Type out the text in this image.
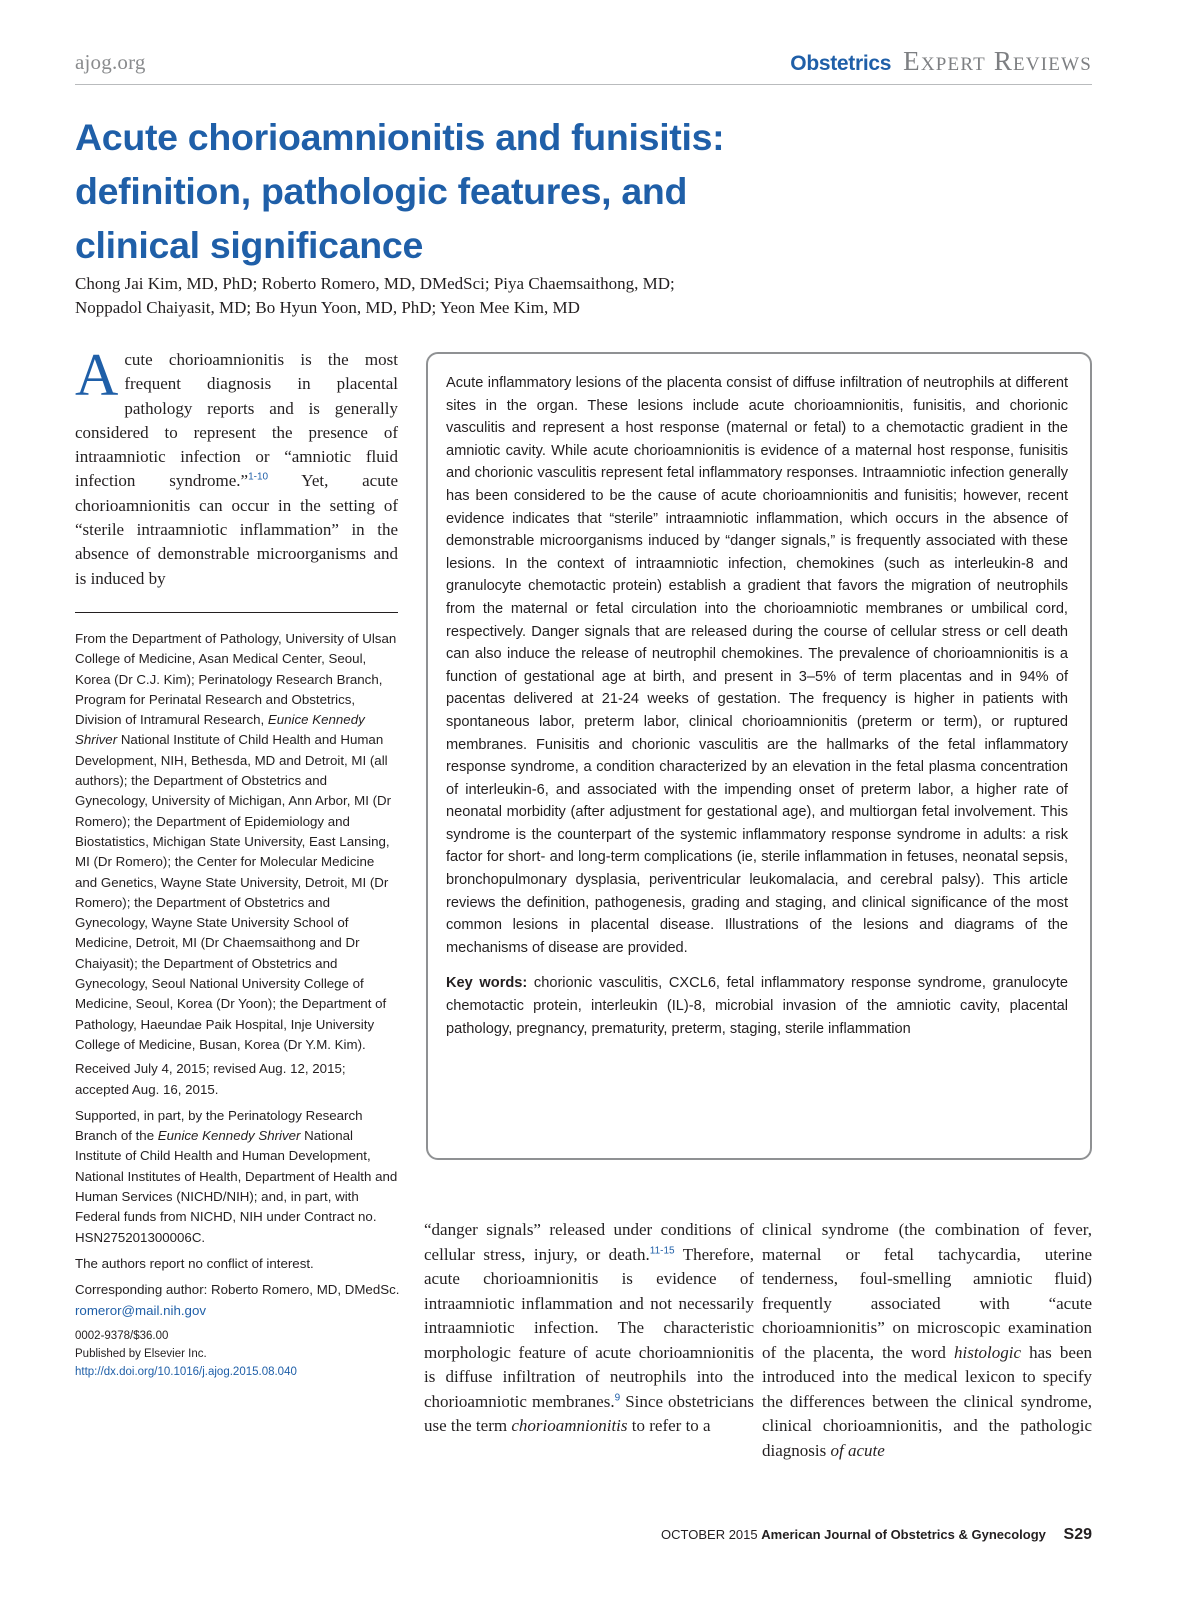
ajog.org	Obstetrics Expert Reviews
Acute chorioamnionitis and funisitis:
definition, pathologic features, and
clinical significance
Chong Jai Kim, MD, PhD; Roberto Romero, MD, DMedSci; Piya Chaemsaithong, MD;
Noppadol Chaiyasit, MD; Bo Hyun Yoon, MD, PhD; Yeon Mee Kim, MD
Acute chorioamnionitis is the most frequent diagnosis in placental pathology reports and is generally considered to represent the presence of intraamniotic infection or “amniotic fluid infection syndrome.”$^{1-10}$ Yet, acute chorioamnionitis can occur in the setting of “sterile intraamniotic inflammation” in the absence of demonstrable microorganisms and is induced by

From the Department of Pathology, University of Ulsan College of Medicine, Asan Medical Center, Seoul, Korea (Dr C.J. Kim); Perinatology Research Branch, Program for Perinatal Research and Obstetrics, Division of Intramural Research, Eunice Kennedy Shriver National Institute of Child Health and Human Development, NIH, Bethesda, MD and Detroit, MI (all authors); the Department of Obstetrics and Gynecology, University of Michigan, Ann Arbor, MI (Dr Romero); the Department of Epidemiology and Biostatistics, Michigan State University, East Lansing, MI (Dr Romero); the Center for Molecular Medicine and Genetics, Wayne State University, Detroit, MI (Dr Romero); the Department of Obstetrics and Gynecology, Wayne State University School of Medicine, Detroit, MI (Dr Chaemsaithong and Dr Chaiyasit); the Department of Obstetrics and Gynecology, Seoul National University College of Medicine, Seoul, Korea (Dr Yoon); the Department of Pathology, Haeundae Paik Hospital, Inje University College of Medicine, Busan, Korea (Dr Y.M. Kim).

Received July 4, 2015; revised Aug. 12, 2015; accepted Aug. 16, 2015.

Supported, in part, by the Perinatology Research Branch of the Eunice Kennedy Shriver National Institute of Child Health and Human Development, National Institutes of Health, Department of Health and Human Services (NICHD/NIH); and, in part, with Federal funds from NICHD, NIH under Contract no. HSN275201300006C.

The authors report no conflict of interest.

Corresponding author: Roberto Romero, MD, DMedSc. romeror@mail.nih.gov

0002-9378/$36.00

Published by Elsevier Inc.

http://dx.doi.org/10.1016/j.ajog.2015.08.040

Acute inflammatory lesions of the placenta consist of diffuse infiltration of neutrophils at different sites in the organ. These lesions include acute chorioamnionitis, funisitis, and chorionic vasculitis and represent a host response (maternal or fetal) to a chemotactic gradient in the amniotic cavity. While acute chorioamnionitis is evidence of a maternal host response, funisitis and chorionic vasculitis represent fetal inflammatory responses. Intraamniotic infection generally has been considered to be the cause of acute chorioamnionitis and funisitis; however, recent evidence indicates that “sterile” intraamniotic inflammation, which occurs in the absence of demonstrable microorganisms induced by “danger signals,” is frequently associated with these lesions. In the context of intraamniotic infection, chemokines (such as interleukin-8 and granulocyte chemotactic protein) establish a gradient that favors the migration of neutrophils from the maternal or fetal circulation into the chorioamniotic membranes or umbilical cord, respectively. Danger signals that are released during the course of cellular stress or cell death can also induce the release of neutrophil chemokines. The prevalence of chorioamnionitis is a function of gestational age at birth, and present in 3–5% of term placentas and in 94% of pacentas delivered at 21-24 weeks of gestation. The frequency is higher in patients with spontaneous labor, preterm labor, clinical chorioamnionitis (preterm or term), or ruptured membranes. Funisitis and chorionic vasculitis are the hallmarks of the fetal inflammatory response syndrome, a condition characterized by an elevation in the fetal plasma concentration of interleukin-6, and associated with the impending onset of preterm labor, a higher rate of neonatal morbidity (after adjustment for gestational age), and multiorgan fetal involvement. This syndrome is the counterpart of the systemic inflammatory response syndrome in adults: a risk factor for short- and long-term complications (ie, sterile inflammation in fetuses, neonatal sepsis, bronchopulmonary dysplasia, periventricular leukomalacia, and cerebral palsy). This article reviews the definition, pathogenesis, grading and staging, and clinical significance of the most common lesions in placental disease. Illustrations of the lesions and diagrams of the mechanisms of disease are provided.

Key words: chorionic vasculitis, CXCL6, fetal inflammatory response syndrome, granulocyte chemotactic protein, interleukin (IL)-8, microbial invasion of the amniotic cavity, placental pathology, pregnancy, prematurity, preterm, staging, sterile inflammation

“danger signals” released under conditions of cellular stress, injury, or death.$^{11-15}$ Therefore, acute chorioamnionitis is evidence of intraamniotic inflammation and not necessarily intraamniotic infection. The characteristic morphologic feature of acute chorioamnionitis is diffuse infiltration of neutrophils into the chorioamniotic membranes.$^9$ Since obstetricians use the term chorioamnionitis to refer to a
clinical syndrome (the combination of fever, maternal or fetal tachycardia, uterine tenderness, foul-smelling amniotic fluid) frequently associated with “acute chorioamnionitis” on microscopic examination of the placenta, the word histologic has been introduced into the medical lexicon to specify the differences between the clinical syndrome, clinical chorioamnionitis, and the pathologic diagnosis of acute
OCTOBER 2015 American Journal of Obstetrics & Gynecology S29
